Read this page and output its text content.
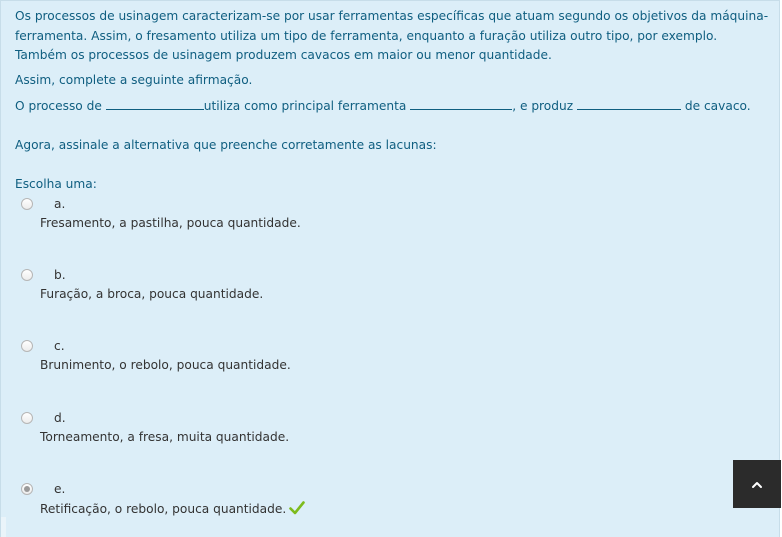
Os processos de usinagem caracterizam-se por usar ferramentas específicas que atuam segundo os objetivos da máquina-ferramenta. Assim, o fresamento utiliza um tipo de ferramenta, enquanto a furação utiliza outro tipo, por exemplo. Também os processos de usinagem produzem cavacos em maior ou menor quantidade.

Assim, complete a seguinte afirmação.

O processo de	utiliza como principal ferramenta	, e produz	de cavaco.

Agora, assinale a alternativa que preenche corretamente as lacunas:

Escolha uma:

a.
Fresamento, a pastilha, pouca quantidade.
b.
Furação, a broca, pouca quantidade.
c.
Brunimento, o rebolo, pouca quantidade.
d.
Torneamento, a fresa, muita quantidade.
e.
Retificação, o rebolo, pouca quantidade.
